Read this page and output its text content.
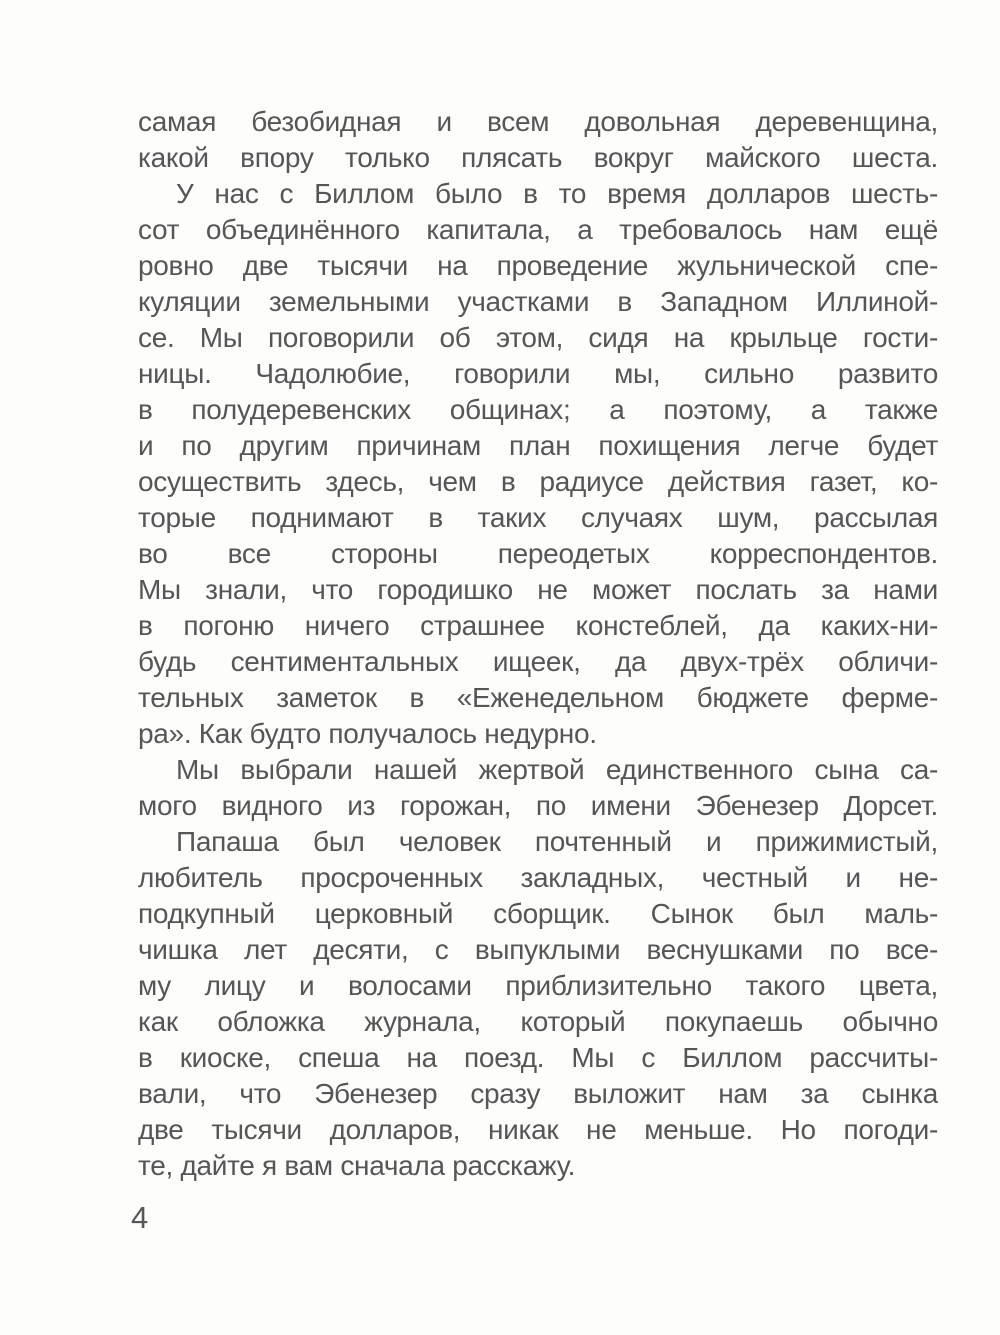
самая безобидная и всем довольная деревенщина,
какой впору только плясать вокруг майского шеста.
У нас с Биллом было в то время долларов шесть-
сот объединённого капитала, а требовалось нам ещё
ровно две тысячи на проведение жульнической спе-
куляции земельными участками в Западном Иллиной-
се. Мы поговорили об этом, сидя на крыльце гости-
ницы. Чадолюбие, говорили мы, сильно развито
в полудеревенских общинах; а поэтому, а также
и по другим причинам план похищения легче будет
осуществить здесь, чем в радиусе действия газет, ко-
торые поднимают в таких случаях шум, рассылая
во все стороны переодетых корреспондентов.
Мы знали, что городишко не может послать за нами
в погоню ничего страшнее констеблей, да каких-ни-
будь сентиментальных ищеек, да двух-трёх обличи-
тельных заметок в «Еженедельном бюджете ферме-
ра». Как будто получалось недурно.
Мы выбрали нашей жертвой единственного сына са-
мого видного из горожан, по имени Эбенезер Дорсет.
Папаша был человек почтенный и прижимистый,
любитель просроченных закладных, честный и не-
подкупный церковный сборщик. Сынок был маль-
чишка лет десяти, с выпуклыми веснушками по все-
му лицу и волосами приблизительно такого цвета,
как обложка журнала, который покупаешь обычно
в киоске, спеша на поезд. Мы с Биллом рассчиты-
вали, что Эбенезер сразу выложит нам за сынка
две тысячи долларов, никак не меньше. Но погоди-
те, дайте я вам сначала расскажу.
4
